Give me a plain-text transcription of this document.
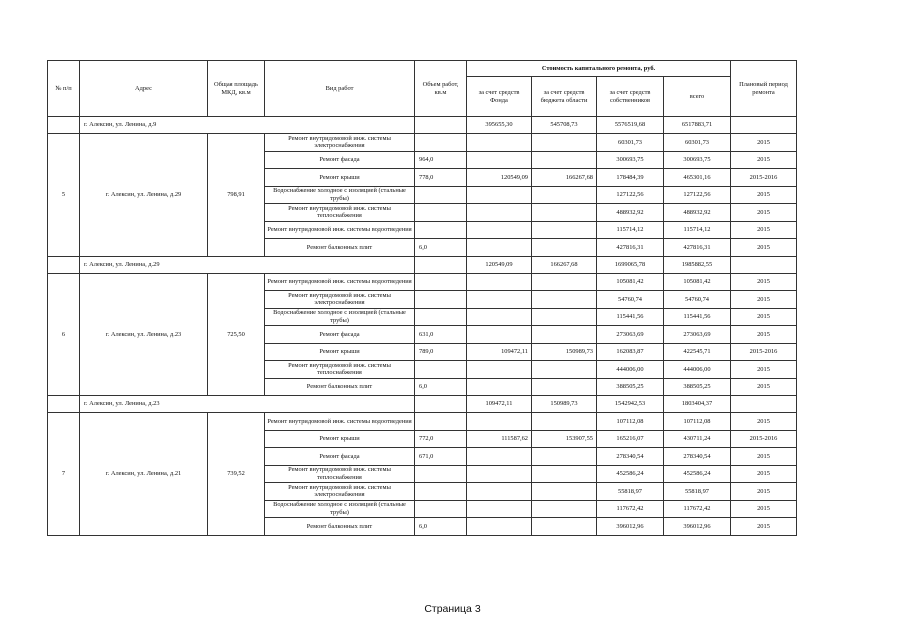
№ п/п	Адрес	Общая площадь МКД, кв.м	Вид работ	Объем работ, кв.м	Стоимость капитального ремонта, руб.				Плановый период ремонта
					за счет средств Фонда	за счет средств бюджета области	за счет средств собственников	всего	
	г. Алексин, ул. Ленина, д.9				395655,30	545708,73	5576519,68	6517883,71	
5	г. Алексин, ул. Ленина, д.29	798,91	Ремонт внутридомовой инж. системы электроснабжения				60301,73	60301,73	2015
			Ремонт фасада	964,0			300693,75	300693,75	2015
			Ремонт крыши	778,0	120549,09	166267,68	178484,39	465301,16	2015-2016
			Водоснабжение холодное с изоляцией (стальные трубы)				127122,56	127122,56	2015
			Ремонт внутридомовой инж. системы теплоснабжения				488932,92	488932,92	2015
			Ремонт внутридомовой инж. системы водоотведения				115714,12	115714,12	2015
			Ремонт балконных плит	6,0			427816,31	427816,31	2015
	г. Алексин, ул. Ленина, д.29				120549,09	166267,68	1699065,78	1985882,55	
6	г. Алексин, ул. Ленина, д.23	725,50	Ремонт внутридомовой инж. системы водоотведения				105081,42	105081,42	2015
			Ремонт внутридомовой инж. системы электроснабжения				54760,74	54760,74	2015
			Водоснабжение холодное с изоляцией (стальные трубы)				115441,56	115441,56	2015
			Ремонт фасада	631,0			273063,69	273063,69	2015
			Ремонт крыши	789,0	109472,11	150989,73	162083,87	422545,71	2015-2016
			Ремонт внутридомовой инж. системы теплоснабжения				444006,00	444006,00	2015
			Ремонт балконных плит	6,0			388505,25	388505,25	2015
	г. Алексин, ул. Ленина, д.23				109472,11	150989,73	1542942,53	1803404,37	
7	г. Алексин, ул. Ленина, д.21	739,52	Ремонт внутридомовой инж. системы водоотведения				107112,08	107112,08	2015
			Ремонт крыши	772,0	111587,62	153907,55	165216,07	430711,24	2015-2016
			Ремонт фасада	671,0			278340,54	278340,54	2015
			Ремонт внутридомовой инж. системы теплоснабжения				452586,24	452586,24	2015
			Ремонт внутридомовой инж. системы электроснабжения				55818,97	55818,97	2015
			Водоснабжение холодное с изоляцией (стальные трубы)				117672,42	117672,42	2015
			Ремонт балконных плит	6,0			396012,96	396012,96	2015
Страница 3
